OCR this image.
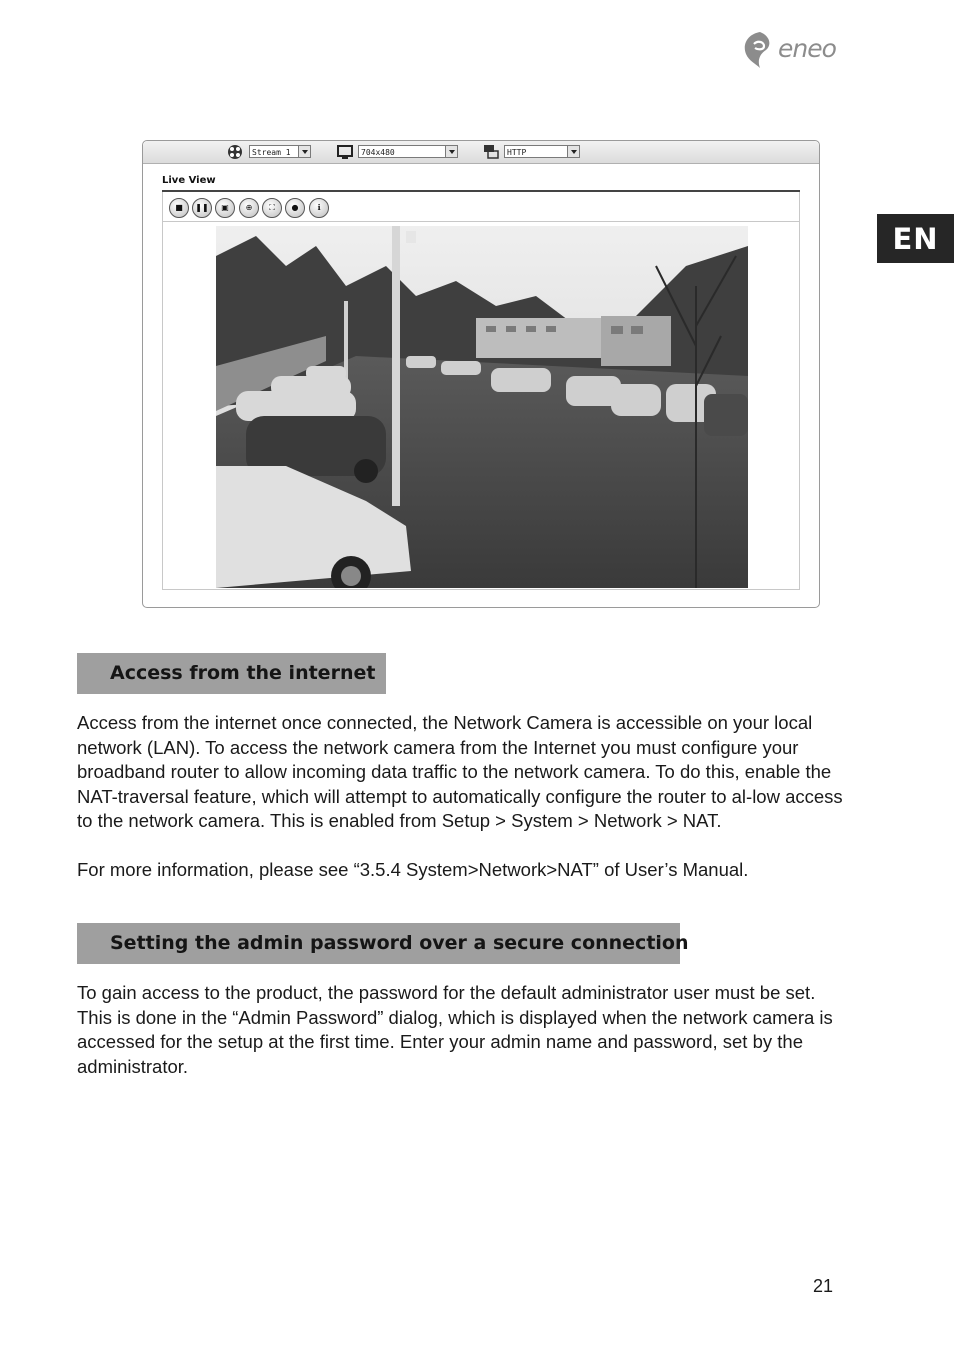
eneo
EN
Stream 1	704x480	HTTP
Live View
■	❚❚	▣	⊕	⛶	●	ℹ
Access from the internet

Access from the internet once connected, the Network Camera is accessible on your local network (LAN). To access the network camera from the Internet you must configure your broadband router to allow incoming data traffic to the network camera. To do this, enable the NAT-traversal feature, which will attempt to automatically configure the router to al-low access to the network camera. This is enabled from Setup > System > Network > NAT.

For more information, please see “3.5.4 System>Network>NAT” of User’s Manual.

Setting the admin password over a secure connection

To gain access to the product, the password for the default administrator user must be set. This is done in the “Admin Password” dialog, which is displayed when the network camera is accessed for the setup at the first time. Enter your admin name and password, set by the administrator.

21
